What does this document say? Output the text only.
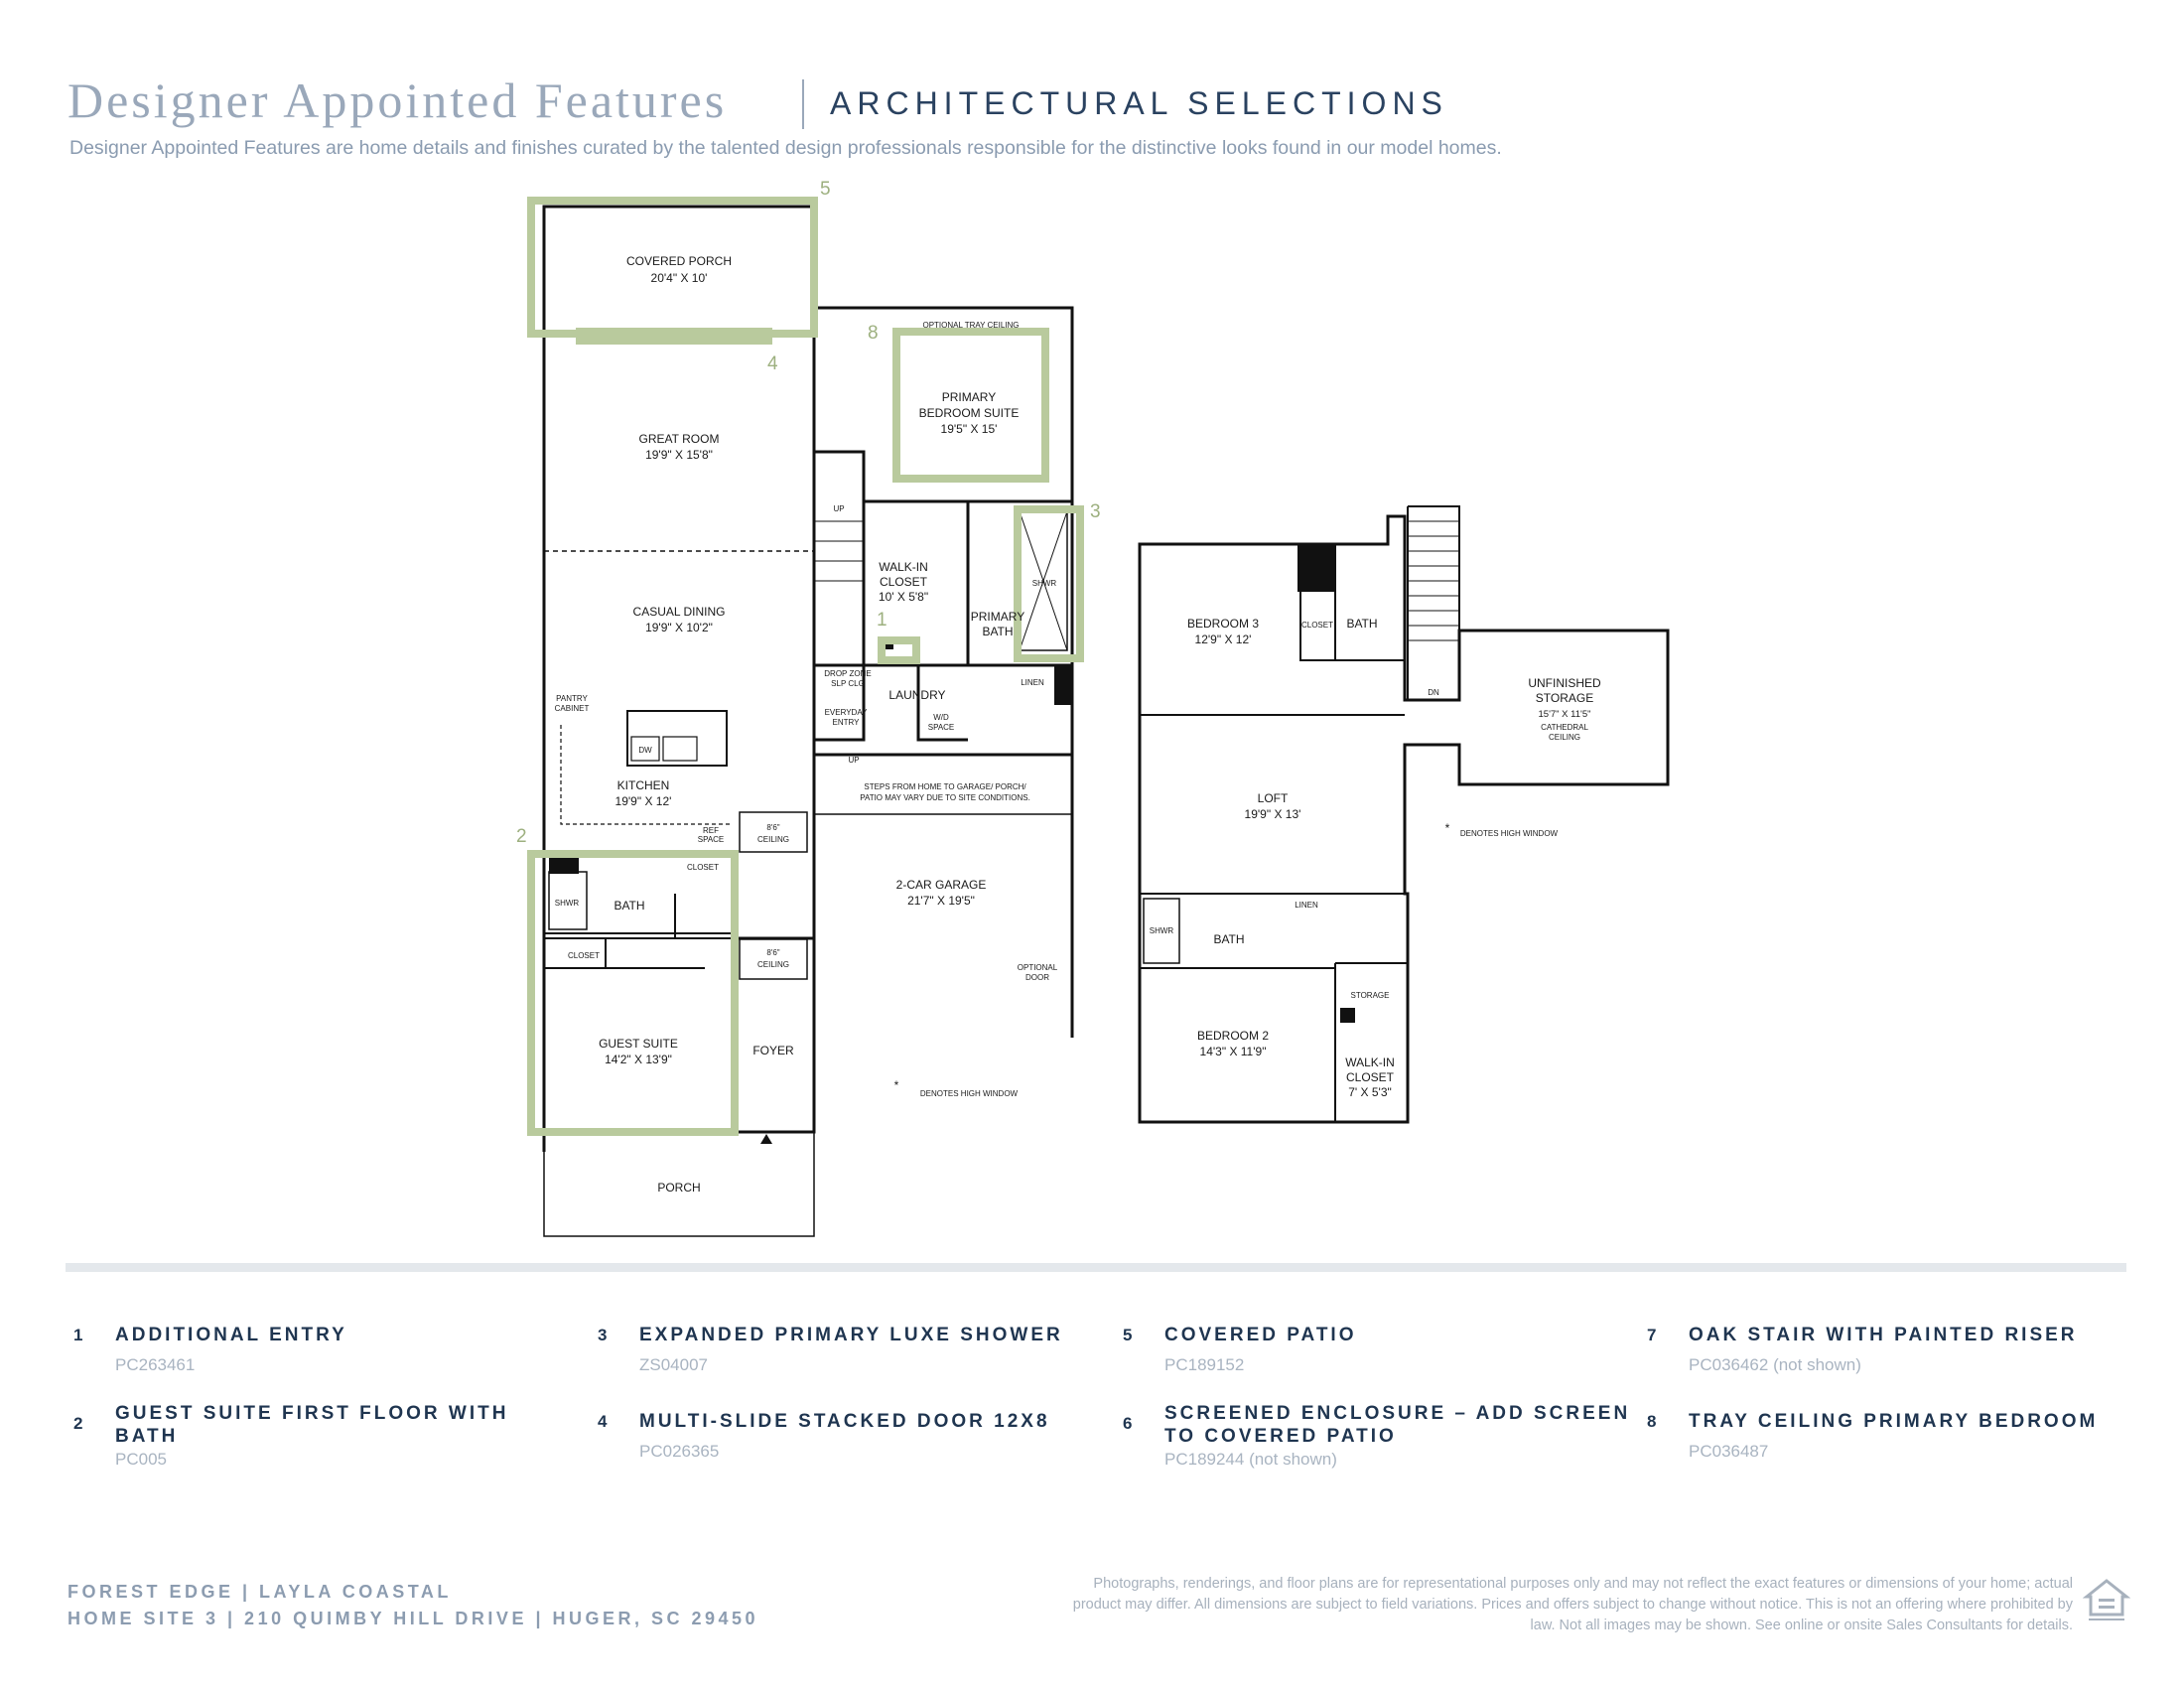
Designer Appointed Features	ARCHITECTURAL SELECTIONS
Designer Appointed Features are home details and finishes curated by the talented design professionals responsible for the distinctive looks found in our model homes.
5
4
8
3
1
2
COVERED PORCH
20'4" X 10'
GREAT ROOM
19'9" X 15'8"
CASUAL DINING
19'9" X 10'2"
PANTRY
CABINET
DW
KITCHEN
19'9" X 12'
REF
SPACE
8'6"
CEILING
OPTIONAL TRAY CEILING
PRIMARY
BEDROOM SUITE
19'5" X 15'
UP
WALK-IN
CLOSET
10' X 5'8"
PRIMARY
BATH
SHWR
LINEN
DROP ZONE
SLP CLG
LAUNDRY
W/D
SPACE
EVERYDAY
ENTRY
UP
STEPS FROM HOME TO GARAGE/ PORCH/
PATIO MAY VARY DUE TO SITE CONDITIONS.
2-CAR GARAGE
21'7" X 19'5"
OPTIONAL
DOOR
CLOSET
SHWR	BATH
CLOSET
GUEST SUITE
14'2" X 13'9"
8'6"
CEILING
FOYER
PORCH
*
DENOTES HIGH WINDOW
BEDROOM 3
12'9" X 12'
CLOSET BATH
DN
UNFINISHED
STORAGE
15'7" X 11'5"
CATHEDRAL
CEILING
LOFT
19'9" X 13'
* DENOTES HIGH WINDOW
SHWR
BATH
LINEN
STORAGE
BEDROOM 2
14'3" X 11'9"
WALK-IN
CLOSET
7' X 5'3"
1 ADDITIONAL ENTRY
PC263461
2 GUEST SUITE FIRST FLOOR WITH
BATH
PC005
3 EXPANDED PRIMARY LUXE SHOWER
ZS04007
4 MULTI-SLIDE STACKED DOOR 12X8
PC026365
5 COVERED PATIO
PC189152
6 SCREENED ENCLOSURE – ADD SCREEN
TO COVERED PATIO
PC189244 (not shown)
7 OAK STAIR WITH PAINTED RISER
PC036462 (not shown)
8 TRAY CEILING PRIMARY BEDROOM
PC036487
FOREST EDGE | LAYLA COASTAL
HOME SITE 3 | 210 QUIMBY HILL DRIVE | HUGER, SC 29450
Photographs, renderings, and floor plans are for representational purposes only and may not reflect the exact features or dimensions of your home; actual product may differ. All dimensions are subject to field variations. Prices and offers subject to change without notice. This is not an offering where prohibited by law. Not all images may be shown. See online or onsite Sales Consultants for details.
